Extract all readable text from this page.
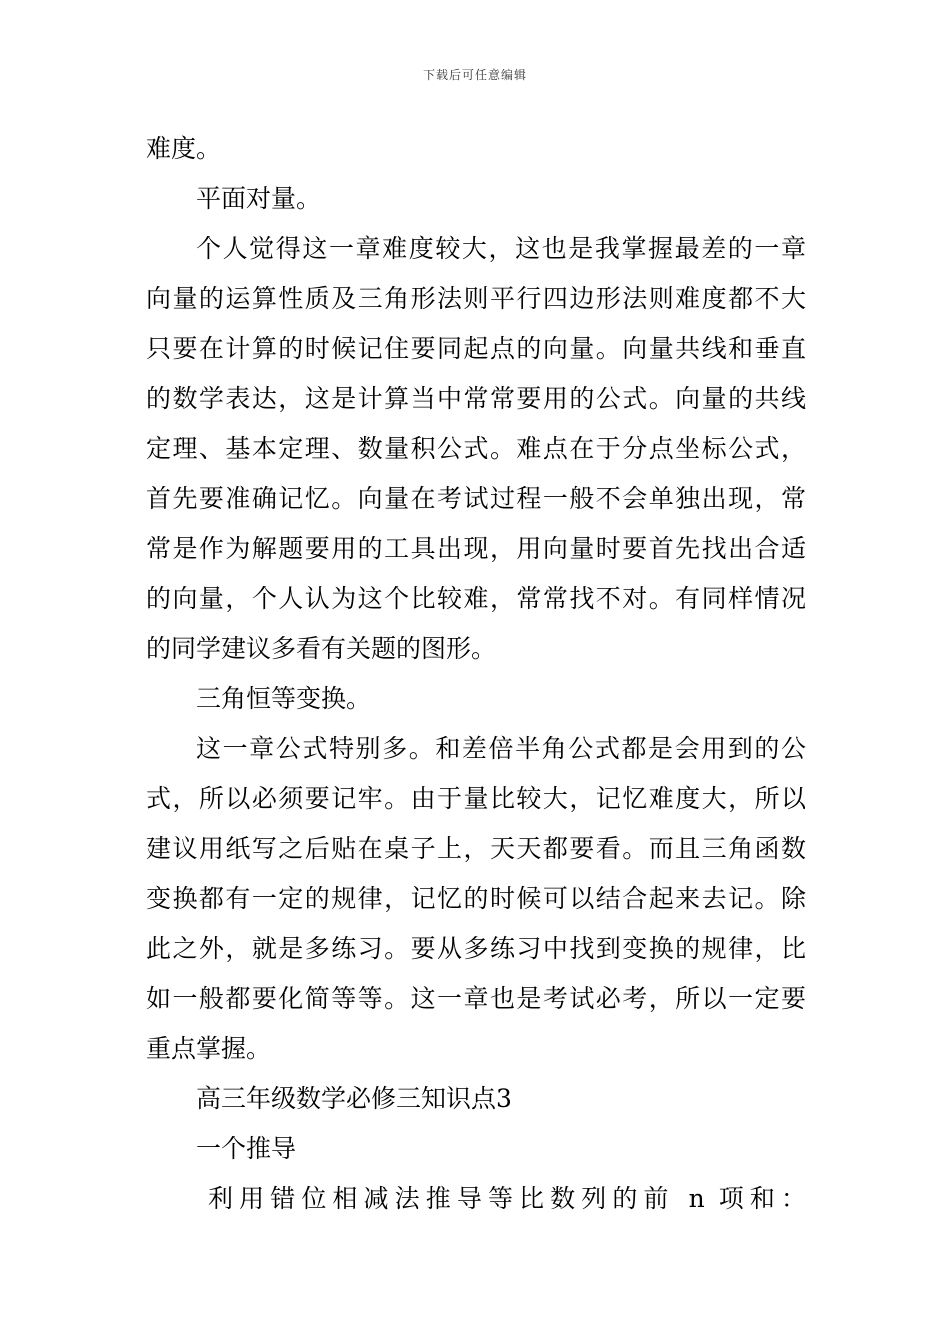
下载后可任意编辑
难度。
平面对量。
个人觉得这一章难度较大，这也是我掌握最差的一章
向量的运算性质及三角形法则平行四边形法则难度都不大
只要在计算的时候记住要同起点的向量。向量共线和垂直
的数学表达，这是计算当中常常要用的公式。向量的共线
定理、基本定理、数量积公式。难点在于分点坐标公式，
首先要准确记忆。向量在考试过程一般不会单独出现，常
常是作为解题要用的工具出现，用向量时要首先找出合适
的向量，个人认为这个比较难，常常找不对。有同样情况
的同学建议多看有关题的图形。
三角恒等变换。
这一章公式特别多。和差倍半角公式都是会用到的公
式，所以必须要记牢。由于量比较大，记忆难度大，所以
建议用纸写之后贴在桌子上，天天都要看。而且三角函数
变换都有一定的规律，记忆的时候可以结合起来去记。除
此之外，就是多练习。要从多练习中找到变换的规律，比
如一般都要化简等等。这一章也是考试必考，所以一定要
重点掌握。
高三年级数学必修三知识点3
一个推导
利用错位相减法推导等比数列的前 n 项和：
